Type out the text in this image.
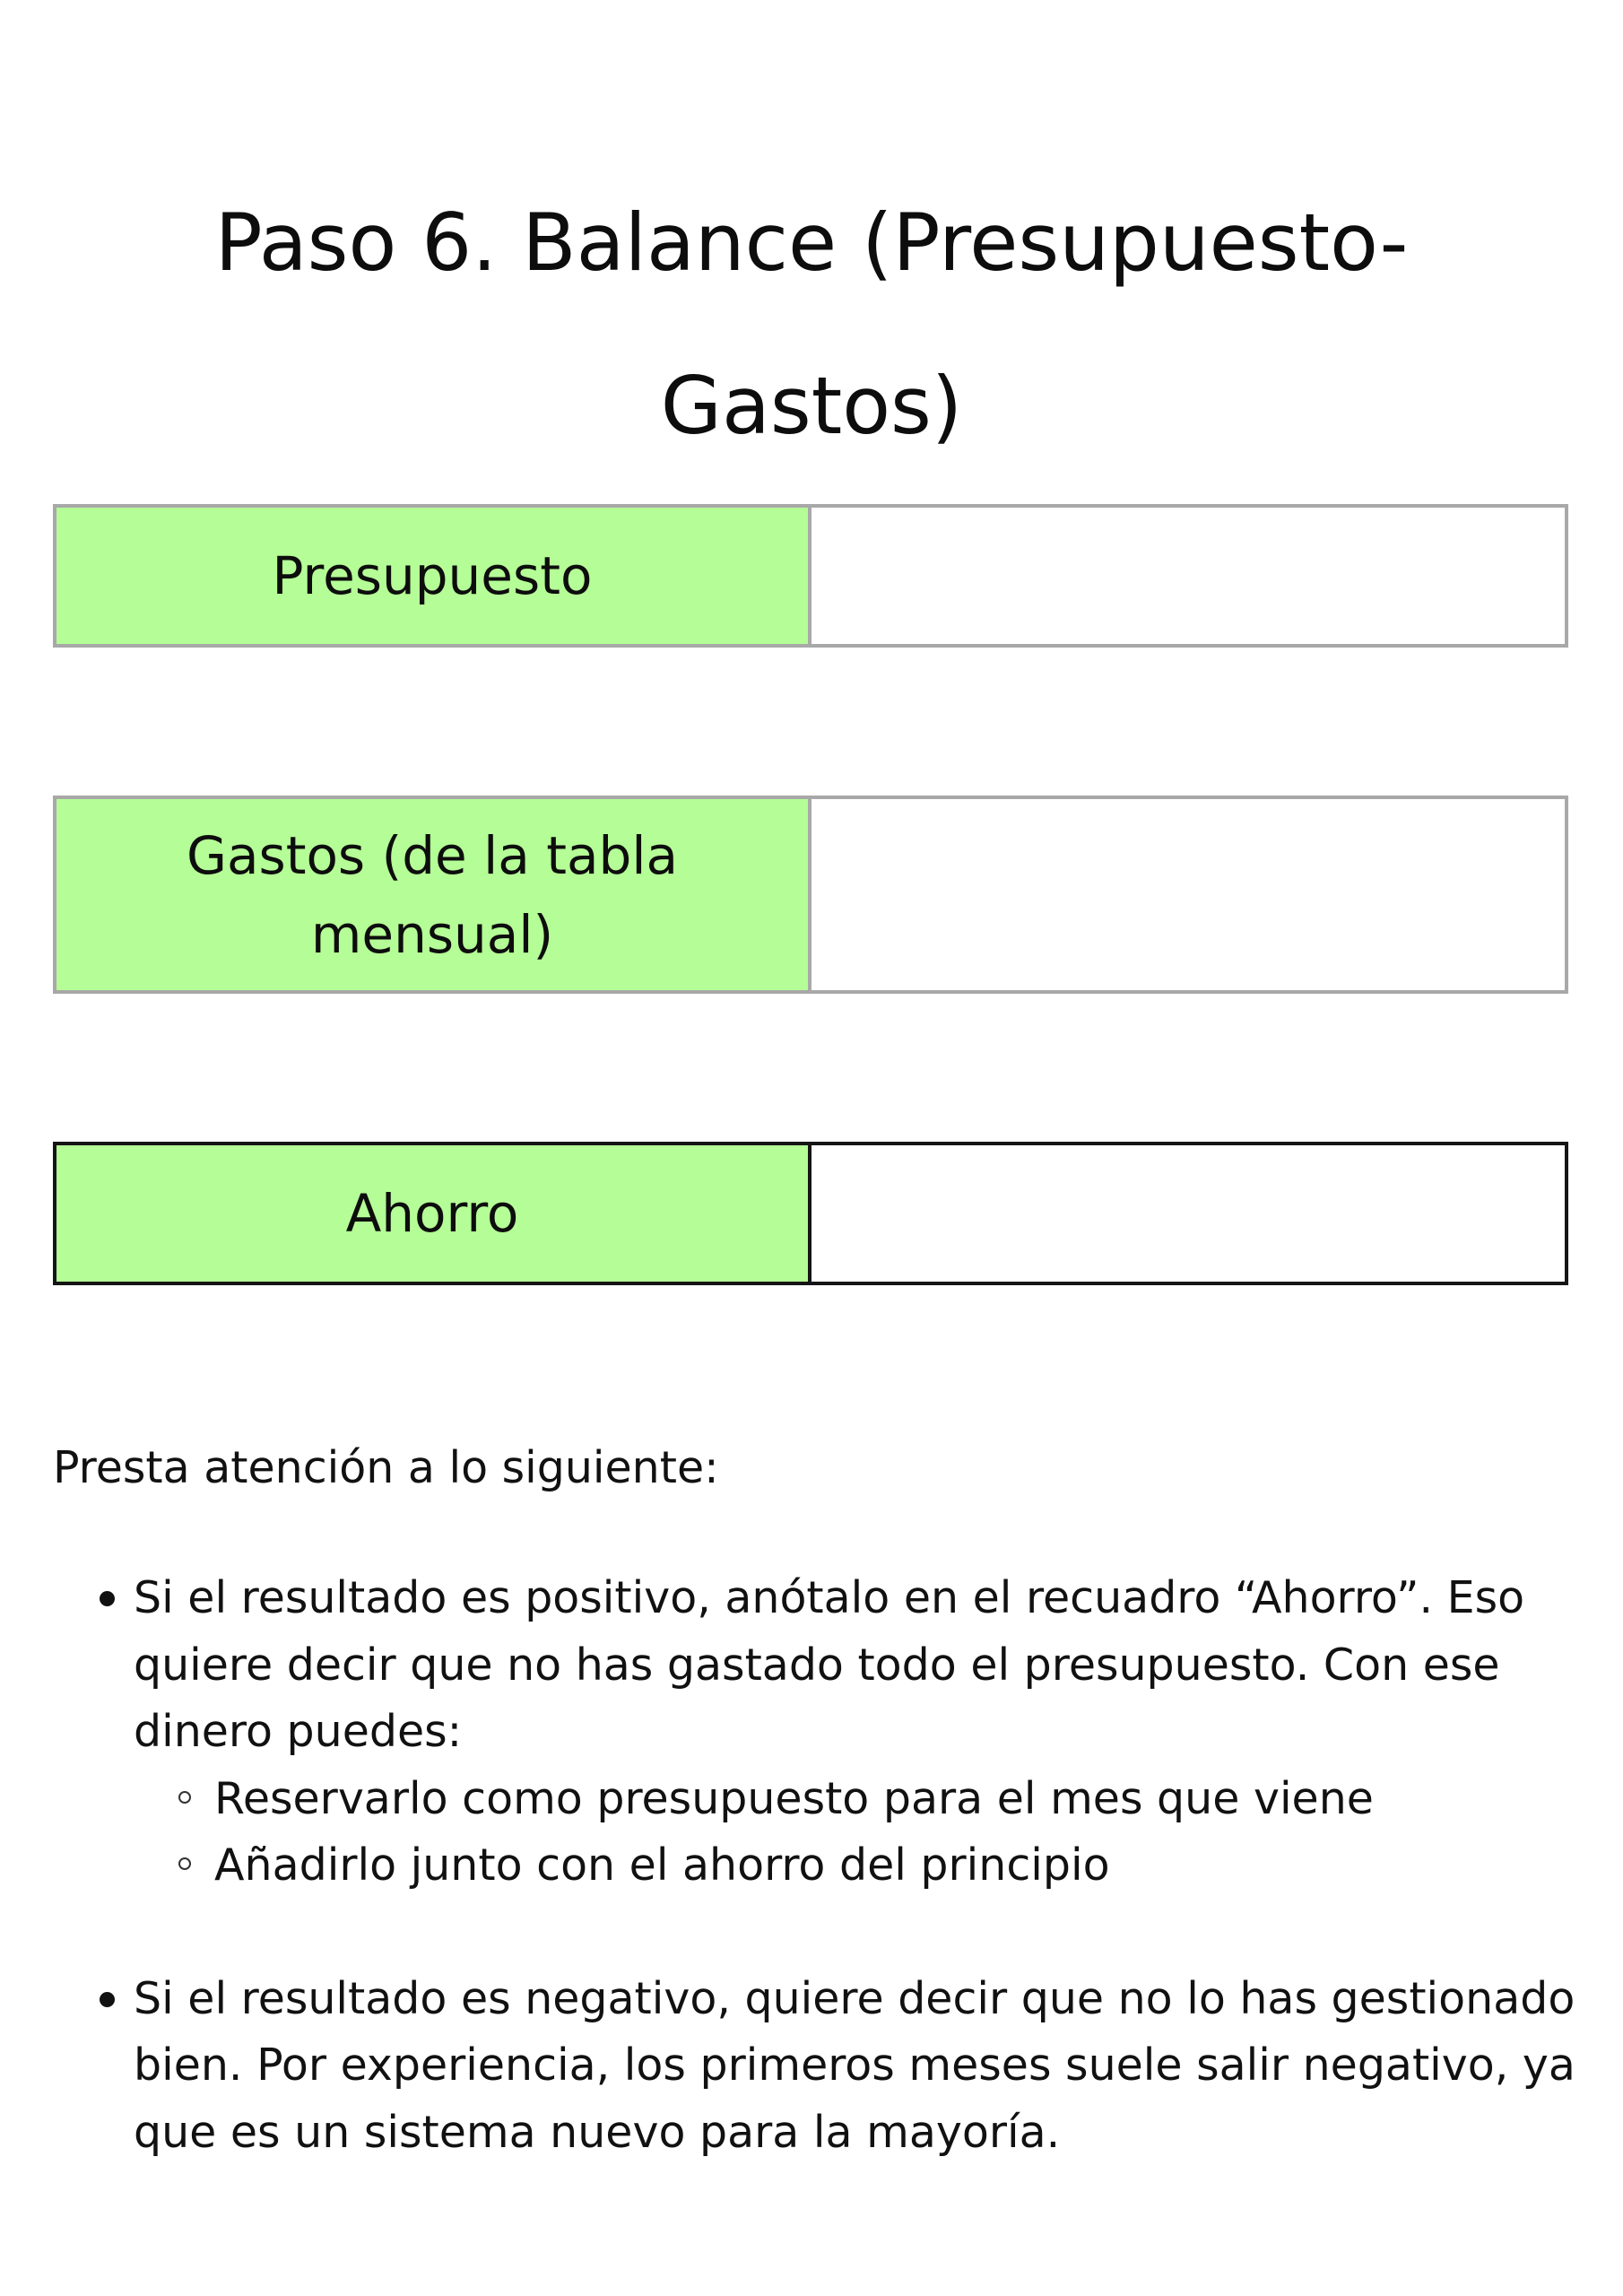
Paso 6. Balance (Presupuesto-Gastos)
Presupuesto
Gastos (de la tabla mensual)
Ahorro

Presta atención a lo siguiente:

Si el resultado es positivo, anótalo en el recuadro “Ahorro”. Eso quiere decir que no has gastado todo el presupuesto. Con ese dinero puedes:
Reservarlo como presupuesto para el mes que viene
Añadirlo junto con el ahorro del principio
Si el resultado es negativo, quiere decir que no lo has gestionado bien. Por experiencia, los primeros meses suele salir negativo, ya que es un sistema nuevo para la mayoría.
